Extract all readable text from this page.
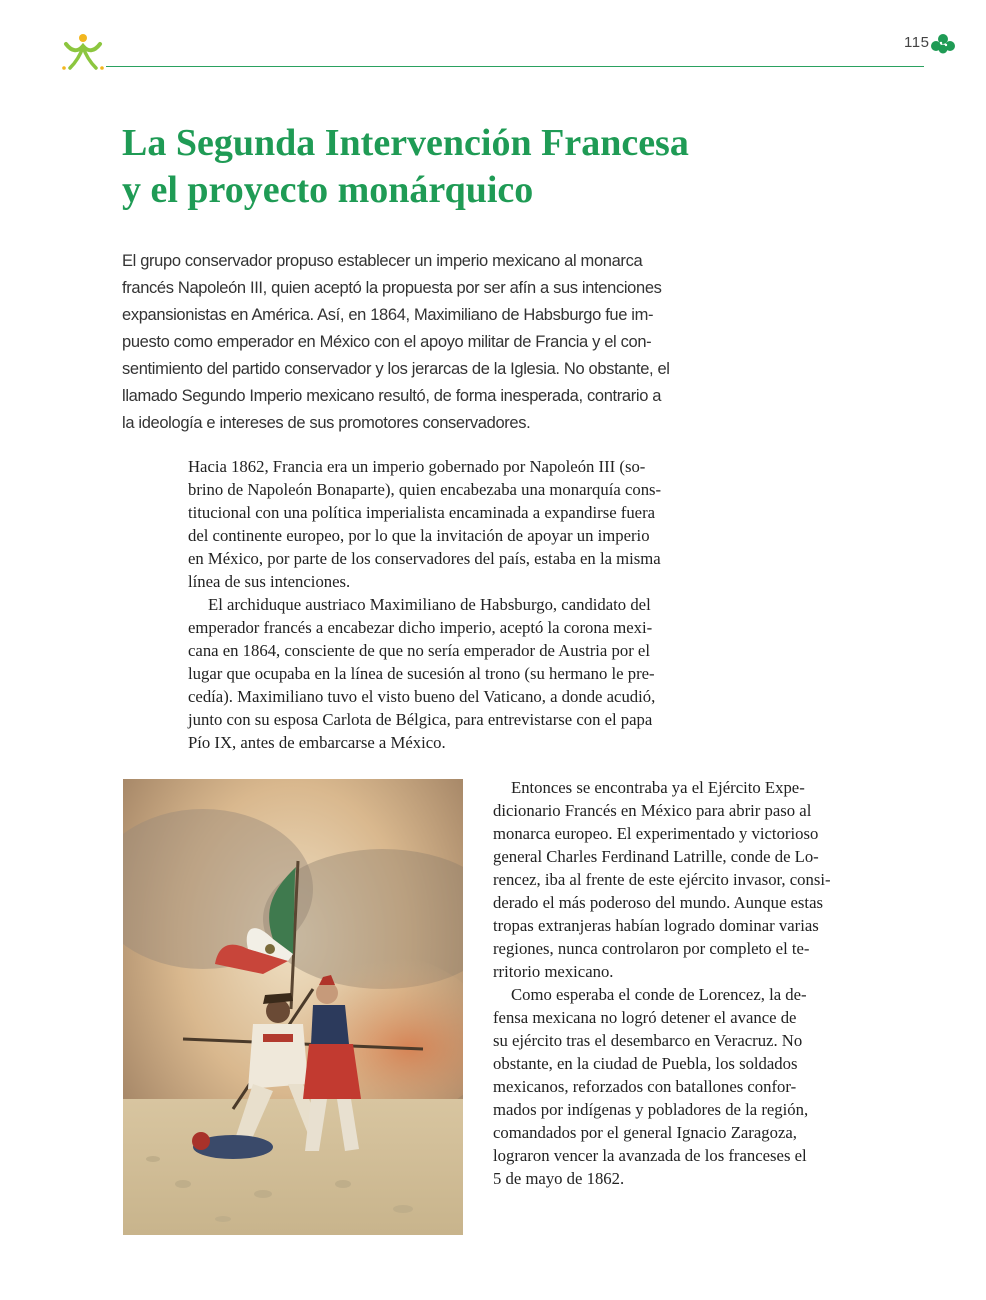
115
La Segunda Intervención Francesa
y el proyecto monárquico

El grupo conservador propuso establecer un imperio mexicano al monarca
francés Napoleón III, quien aceptó la propuesta por ser afín a sus intenciones
expansionistas en América. Así, en 1864, Maximiliano de Habsburgo fue im-
puesto como emperador en México con el apoyo militar de Francia y el con-
sentimiento del partido conservador y los jerarcas de la Iglesia. No obstante, el
llamado Segundo Imperio mexicano resultó, de forma inesperada, contrario a
la ideología e intereses de sus promotores conservadores.

Hacia 1862, Francia era un imperio gobernado por Napoleón III (so-
brino de Napoleón Bonaparte), quien encabezaba una monarquía cons-
titucional con una política imperialista encaminada a expandirse fuera
del continente europeo, por lo que la invitación de apoyar un imperio
en México, por parte de los conservadores del país, estaba en la misma
línea de sus intenciones.
El archiduque austriaco Maximiliano de Habsburgo, candidato del
emperador francés a encabezar dicho imperio, aceptó la corona mexi-
cana en 1864, consciente de que no sería emperador de Austria por el
lugar que ocupaba en la línea de sucesión al trono (su hermano le pre-
cedía). Maximiliano tuvo el visto bueno del Vaticano, a donde acudió,
junto con su esposa Carlota de Bélgica, para entrevistarse con el papa
Pío IX, antes de embarcarse a México.
Entonces se encontraba ya el Ejército Expe-
dicionario Francés en México para abrir paso al
monarca europeo. El experimentado y victorioso
general Charles Ferdinand Latrille, conde de Lo-
rencez, iba al frente de este ejército invasor, consi-
derado el más poderoso del mundo. Aunque estas
tropas extranjeras habían logrado dominar varias
regiones, nunca controlaron por completo el te-
rritorio mexicano.
Como esperaba el conde de Lorencez, la de-
fensa mexicana no logró detener el avance de
su ejército tras el desembarco en Veracruz. No
obstante, en la ciudad de Puebla, los soldados
mexicanos, reforzados con batallones confor-
mados por indígenas y pobladores de la región,
comandados por el general Ignacio Zaragoza,
lograron vencer la avanzada de los franceses el
5 de mayo de 1862.
